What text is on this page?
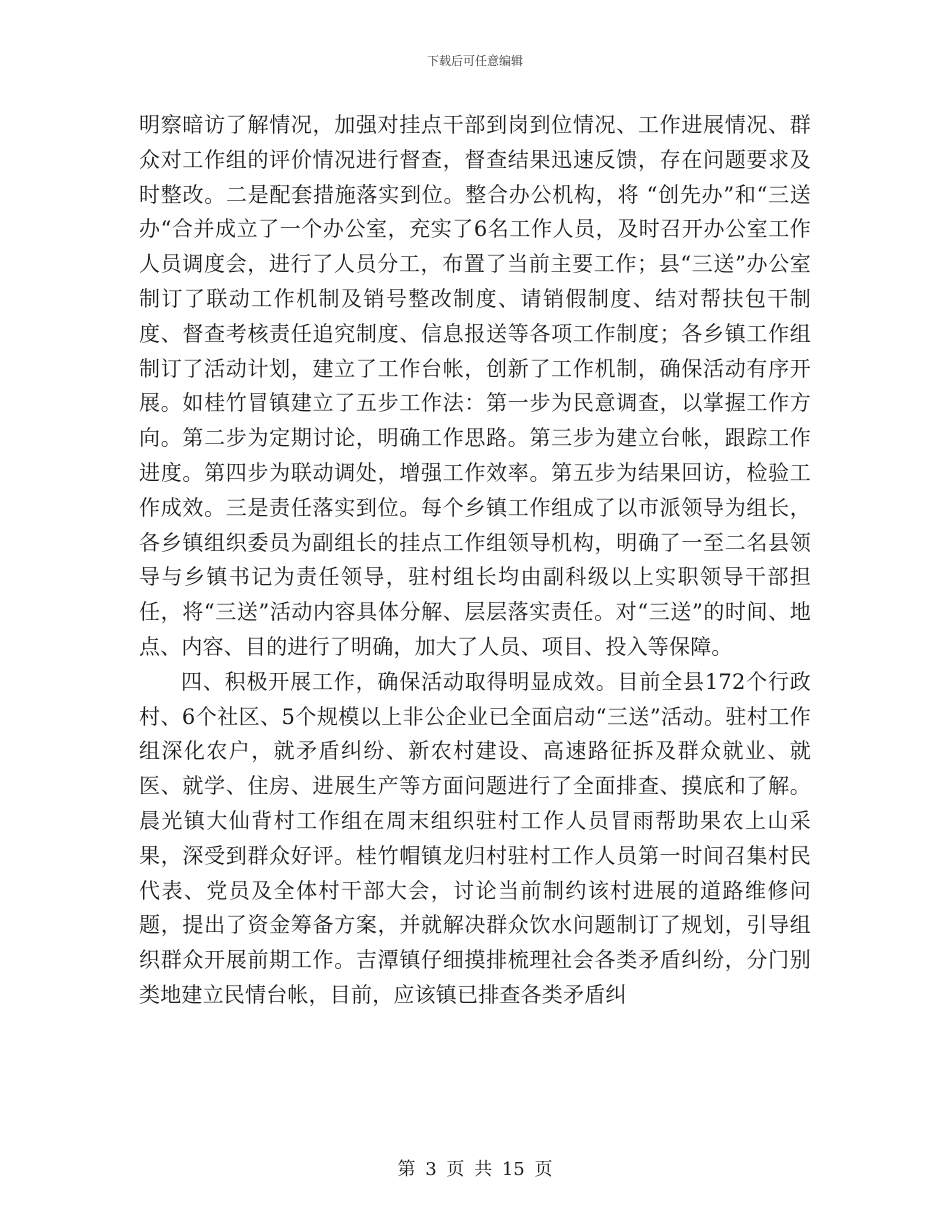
下载后可任意编辑

明察暗访了解情况，加强对挂点干部到岗到位情况、工作进展情况、群众对工作组的评价情况进行督查，督查结果迅速反馈，存在问题要求及时整改。二是配套措施落实到位。整合办公机构，将 “创先办”和“三送办“合并成立了一个办公室，充实了6名工作人员，及时召开办公室工作人员调度会，进行了人员分工，布置了当前主要工作；县“三送”办公室制订了联动工作机制及销号整改制度、请销假制度、结对帮扶包干制度、督查考核责任追究制度、信息报送等各项工作制度；各乡镇工作组制订了活动计划，建立了工作台帐，创新了工作机制，确保活动有序开展。如桂竹冒镇建立了五步工作法：第一步为民意调查，以掌握工作方向。第二步为定期讨论，明确工作思路。第三步为建立台帐，跟踪工作进度。第四步为联动调处，增强工作效率。第五步为结果回访，检验工作成效。三是责任落实到位。每个乡镇工作组成了以市派领导为组长，各乡镇组织委员为副组长的挂点工作组领导机构，明确了一至二名县领导与乡镇书记为责任领导，驻村组长均由副科级以上实职领导干部担任，将“三送”活动内容具体分解、层层落实责任。对“三送”的时间、地点、内容、目的进行了明确，加大了人员、项目、投入等保障。

四、积极开展工作，确保活动取得明显成效。目前全县172个行政村、6个社区、5个规模以上非公企业已全面启动“三送”活动。驻村工作组深化农户，就矛盾纠纷、新农村建设、高速路征拆及群众就业、就医、就学、住房、进展生产等方面问题进行了全面排查、摸底和了解。晨光镇大仙背村工作组在周末组织驻村工作人员冒雨帮助果农上山采果，深受到群众好评。桂竹帽镇龙归村驻村工作人员第一时间召集村民代表、党员及全体村干部大会，讨论当前制约该村进展的道路维修问题，提出了资金筹备方案，并就解决群众饮水问题制订了规划，引导组织群众开展前期工作。吉潭镇仔细摸排梳理社会各类矛盾纠纷，分门别类地建立民情台帐，目前，应该镇已排查各类矛盾纠

第 3 页 共 15 页
